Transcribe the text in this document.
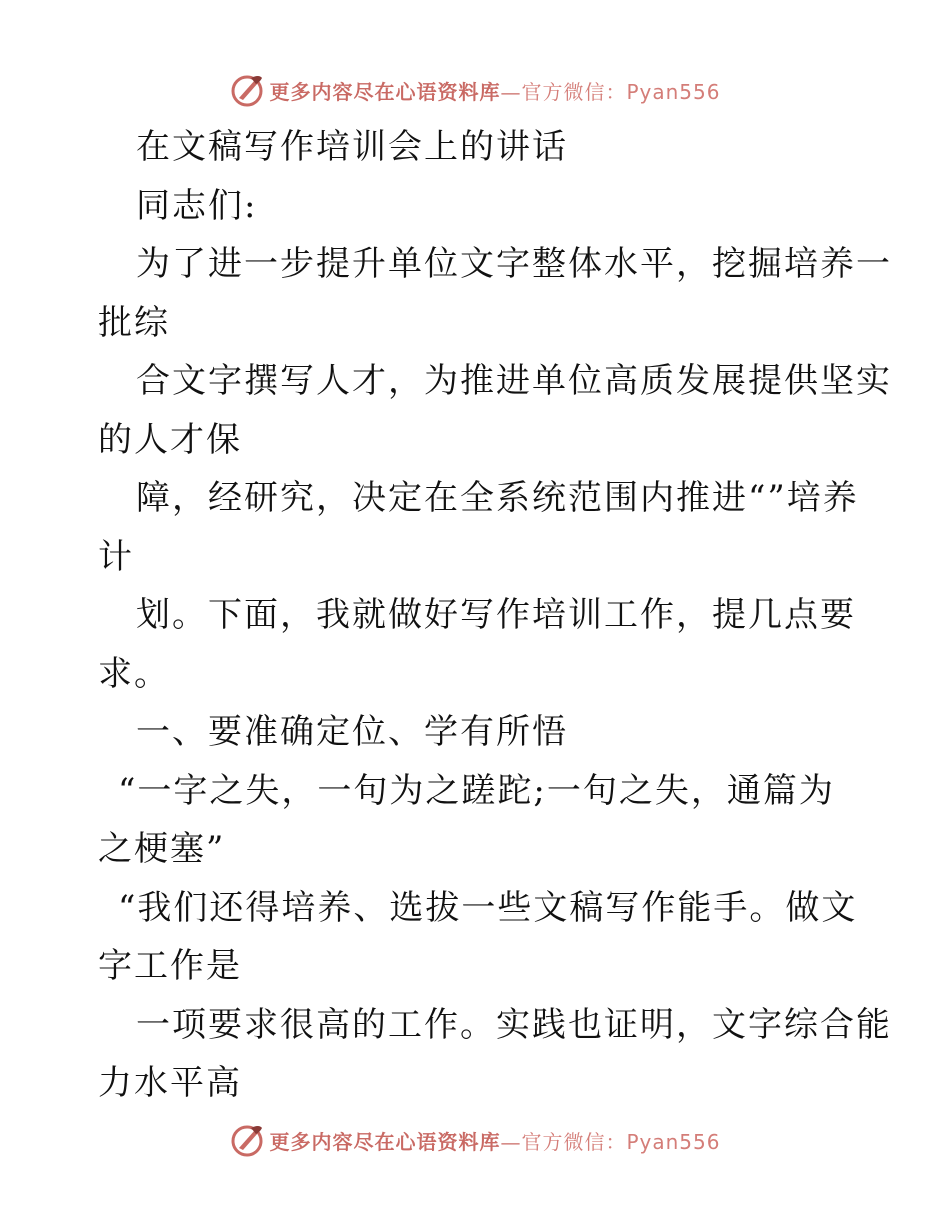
更多内容尽在心语资料库—官方微信：Pyan556
在文稿写作培训会上的讲话
同志们:
为了进一步提升单位文字整体水平，挖掘培养一
批综
合文字撰写人才，为推进单位高质发展提供坚实
的人才保
障，经研究，决定在全系统范围内推进“”培养
计
划。下面，我就做好写作培训工作，提几点要
求。
一、要准确定位、学有所悟
“一字之失，一句为之蹉跎;一句之失，通篇为
之梗塞”
“我们还得培养、选拔一些文稿写作能手。做文
字工作是
一项要求很高的工作。实践也证明，文字综合能
力水平高
更多内容尽在心语资料库—官方微信：Pyan556
